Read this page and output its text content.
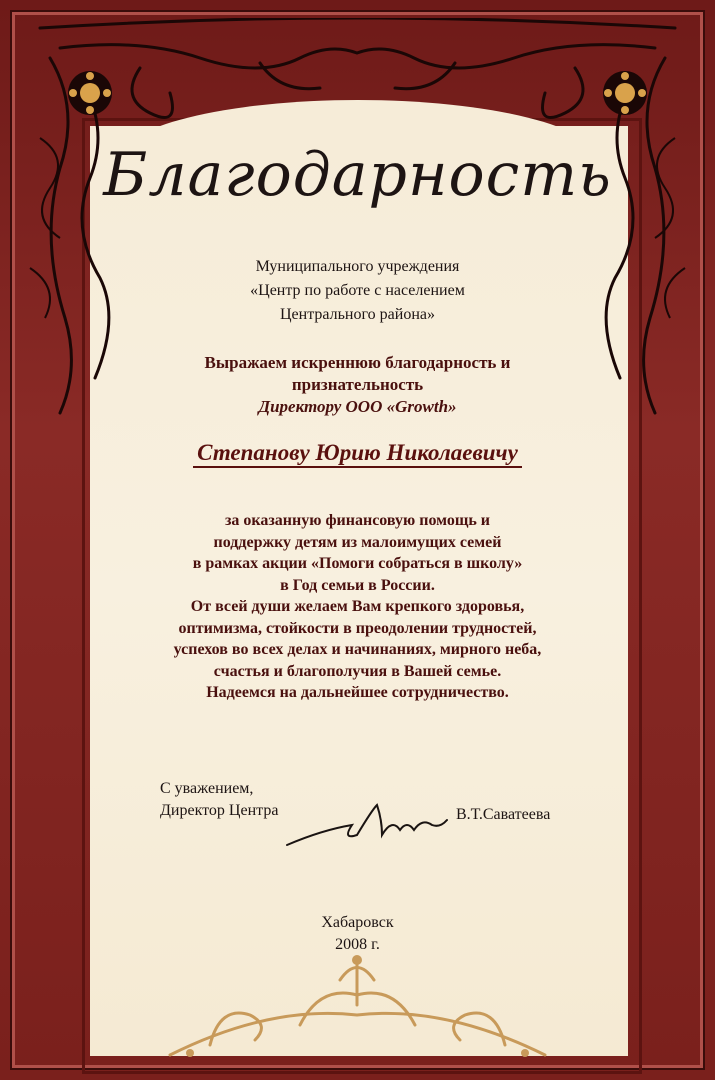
Благодарность
Муниципального учреждения
«Центр по работе с населением
Центрального района»
Выражаем искреннюю благодарность и
признательность
Директору ООО «Growth»
Степанову Юрию Николаевичу
за оказанную финансовую помощь и
поддержку детям из малоимущих семей
в рамках акции «Помоги собраться в школу»
в Год семьи в России.
От всей души желаем Вам крепкого здоровья,
оптимизма, стойкости в преодолении трудностей,
успехов во всех делах и начинаниях, мирного неба,
счастья и благополучия в Вашей семье.
Надеемся на дальнейшее сотрудничество.
С уважением,
Директор Центра	В.Т.Саватеева
Хабаровск
2008 г.
